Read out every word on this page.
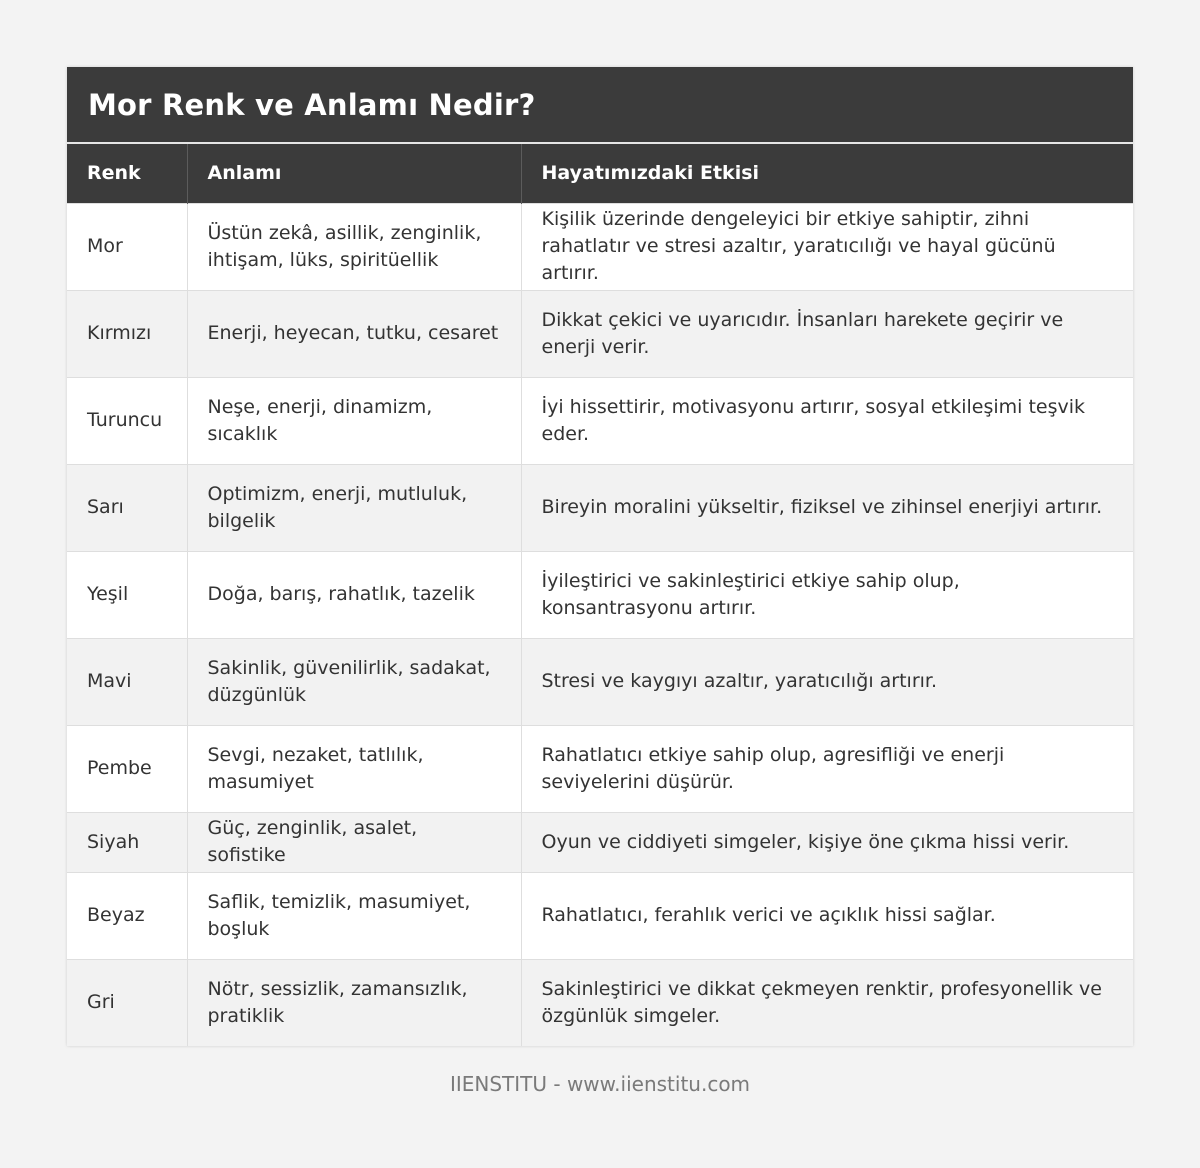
Mor Renk ve Anlamı Nedir?
Renk	Anlamı	Hayatımızdaki Etkisi
Mor	Üstün zekâ, asillik, zenginlik, ihtişam, lüks, spiritüellik	Kişilik üzerinde dengeleyici bir etkiye sahiptir, zihni rahatlatır ve stresi azaltır, yaratıcılığı ve hayal gücünü artırır.
Kırmızı	Enerji, heyecan, tutku, cesaret	Dikkat çekici ve uyarıcıdır. İnsanları harekete geçirir ve enerji verir.
Turuncu	Neşe, enerji, dinamizm, sıcaklık	İyi hissettirir, motivasyonu artırır, sosyal etkileşimi teşvik eder.
Sarı	Optimizm, enerji, mutluluk, bilgelik	Bireyin moralini yükseltir, fiziksel ve zihinsel enerjiyi artırır.
Yeşil	Doğa, barış, rahatlık, tazelik	İyileştirici ve sakinleştirici etkiye sahip olup, konsantrasyonu artırır.
Mavi	Sakinlik, güvenilirlik, sadakat, düzgünlük	Stresi ve kaygıyı azaltır, yaratıcılığı artırır.
Pembe	Sevgi, nezaket, tatlılık, masumiyet	Rahatlatıcı etkiye sahip olup, agresifliği ve enerji seviyelerini düşürür.
Siyah	Güç, zenginlik, asalet, sofistike	Oyun ve ciddiyeti simgeler, kişiye öne çıkma hissi verir.
Beyaz	Saflik, temizlik, masumiyet, boşluk	Rahatlatıcı, ferahlık verici ve açıklık hissi sağlar.
Gri	Nötr, sessizlik, zamansızlık, pratiklik	Sakinleştirici ve dikkat çekmeyen renktir, profesyonellik ve özgünlük simgeler.
IIENSTITU - www.iienstitu.com
